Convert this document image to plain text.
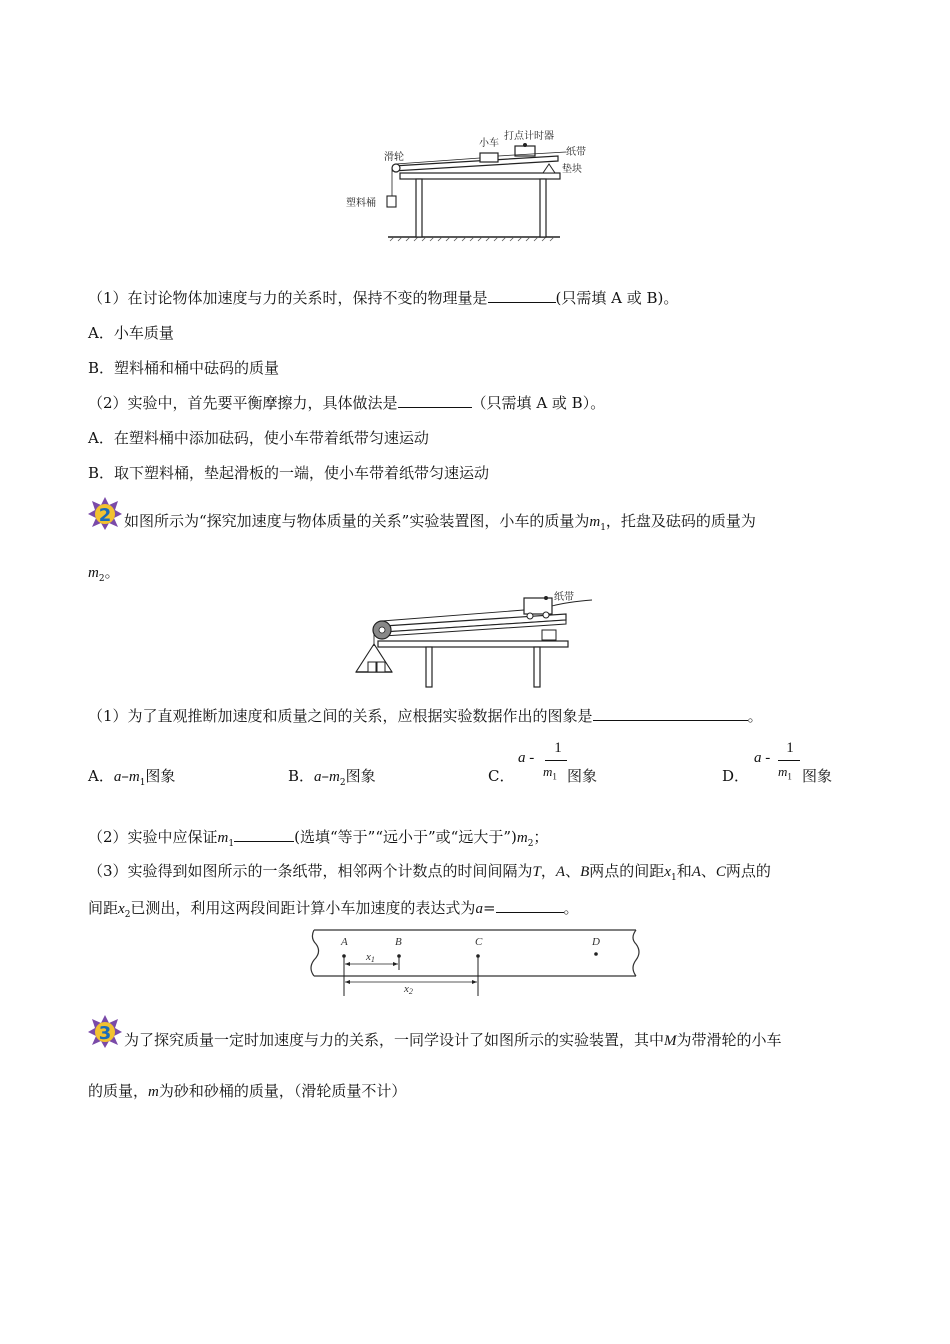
滑轮
小车
打点计时器
纸带
垫块
塑料桶
（1）在讨论物体加速度与力的关系时，保持不变的物理量是	(只需填 A 或 B)。
A．小车质量
B．塑料桶和桶中砝码的质量
（2）实验中，首先要平衡摩擦力，具体做法是	（只需填 A 或 B）。
A．在塑料桶中添加砝码，使小车带着纸带匀速运动
B．取下塑料桶，垫起滑板的一端，使小车带着纸带匀速运动
2 如图所示为“探究加速度与物体质量的关系”实验装置图，小车的质量为$m_1$，托盘及砝码的质量为
$m_2$。
纸带
（1）为了直观推断加速度和质量之间的关系，应根据实验数据作出的图象是	。
A．$a-m_1$图象	B．$a-m_2$图象	C．
a -
1
$m_1$ 图象	D．
a -
1
$m_1$ 图象
（2）实验中应保证$m_1$	(选填“等于”“远小于”或“远大于$”)m_2$；
（3）实验得到如图所示的一条纸带，相邻两个计数点的时间间隔为T，A、B两点的间距$x_1$和A、C两点的
间距$x_2$已测出，利用这两段间距计算小车加速度的表达式为a=	。
A	B	C	D
x1
x2
3 为了探究质量一定时加速度与力的关系，一同学设计了如图所示的实验装置，其中M为带滑轮的小车
的质量，m为砂和砂桶的质量，（滑轮质量不计）
